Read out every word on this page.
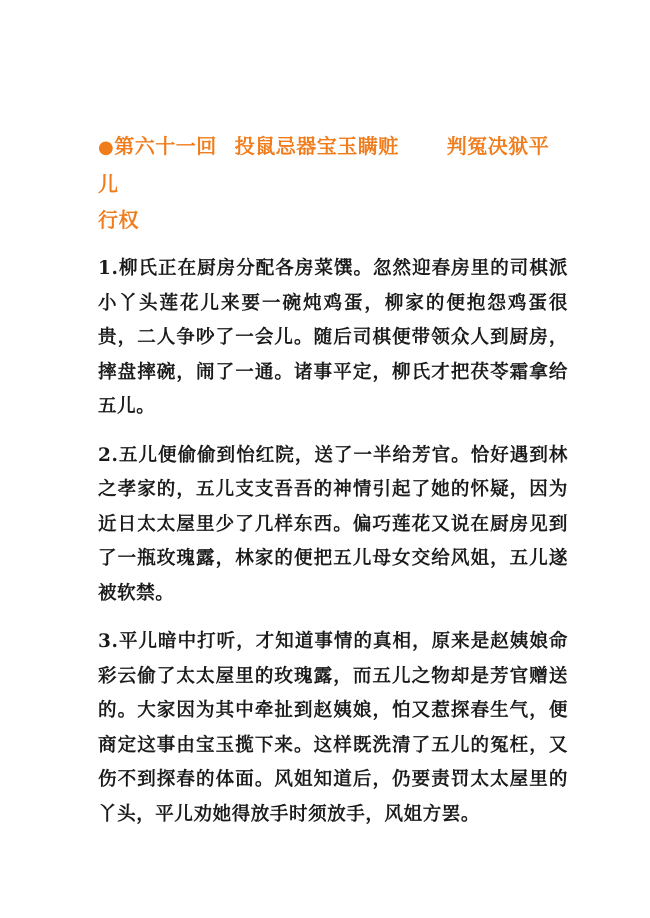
●第六十一回 投鼠忌器宝玉瞒赃 判冤决狱平儿
行权

1.柳氏正在厨房分配各房菜馔。忽然迎春房里的司棋派小丫头莲花儿来要一碗炖鸡蛋，柳家的便抱怨鸡蛋很贵，二人争吵了一会儿。随后司棋便带领众人到厨房，摔盘摔碗，闹了一通。诸事平定，柳氏才把茯苓霜拿给五儿。

2.五儿便偷偷到怡红院，送了一半给芳官。恰好遇到林之孝家的，五儿支支吾吾的神情引起了她的怀疑，因为近日太太屋里少了几样东西。偏巧莲花又说在厨房见到了一瓶玫瑰露，林家的便把五儿母女交给风姐，五儿遂被软禁。

3.平儿暗中打听，才知道事情的真相，原来是赵姨娘命彩云偷了太太屋里的玫瑰露，而五儿之物却是芳官赠送的。大家因为其中牵扯到赵姨娘，怕又惹探春生气，便商定这事由宝玉揽下来。这样既洗清了五儿的冤枉，又伤不到探春的体面。风姐知道后，仍要责罚太太屋里的丫头，平儿劝她得放手时须放手，风姐方罢。
